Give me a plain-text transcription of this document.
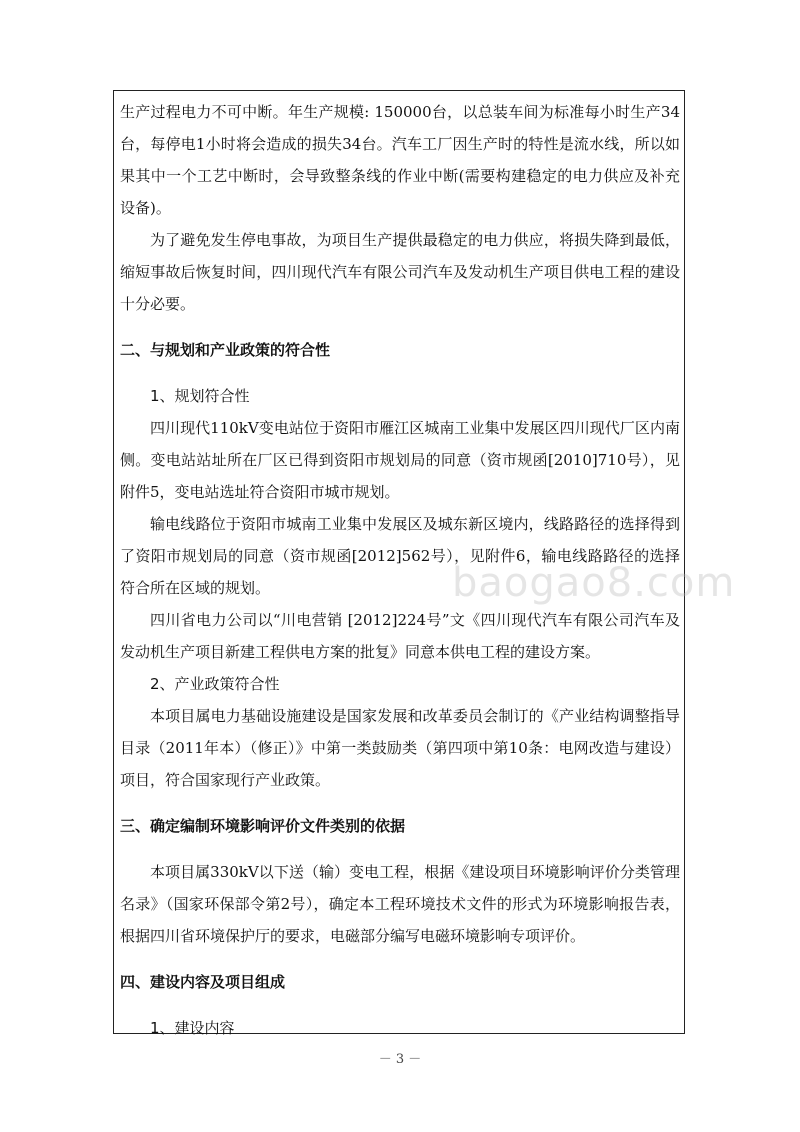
生产过程电力不可中断。年生产规模: 150000台，以总装车间为标准每小时生产34台，每停电1小时将会造成的损失34台。汽车工厂因生产时的特性是流水线，所以如果其中一个工艺中断时，会导致整条线的作业中断(需要构建稳定的电力供应及补充设备)。

为了避免发生停电事故，为项目生产提供最稳定的电力供应，将损失降到最低，缩短事故后恢复时间，四川现代汽车有限公司汽车及发动机生产项目供电工程的建设十分必要。

二、与规划和产业政策的符合性
1、规划符合性

四川现代110kV变电站位于资阳市雁江区城南工业集中发展区四川现代厂区内南侧。变电站站址所在厂区已得到资阳市规划局的同意（资市规函[2010]710号），见附件5，变电站选址符合资阳市城市规划。

输电线路位于资阳市城南工业集中发展区及城东新区境内，线路路径的选择得到了资阳市规划局的同意（资市规函[2012]562号），见附件6，输电线路路径的选择符合所在区域的规划。

四川省电力公司以“川电营销 [2012]224号”文《四川现代汽车有限公司汽车及发动机生产项目新建工程供电方案的批复》同意本供电工程的建设方案。

2、产业政策符合性

本项目属电力基础设施建设是国家发展和改革委员会制订的《产业结构调整指导目录（2011年本）（修正）》中第一类鼓励类（第四项中第10条：电网改造与建设）项目，符合国家现行产业政策。

三、确定编制环境影响评价文件类别的依据

本项目属330kV以下送（输）变电工程，根据《建设项目环境影响评价分类管理名录》（国家环保部令第2号），确定本工程环境技术文件的形式为环境影响报告表，根据四川省环境保护厅的要求，电磁部分编写电磁环境影响专项评价。

四、建设内容及项目组成
1、建设内容
baogao8.com
－ 3 －
